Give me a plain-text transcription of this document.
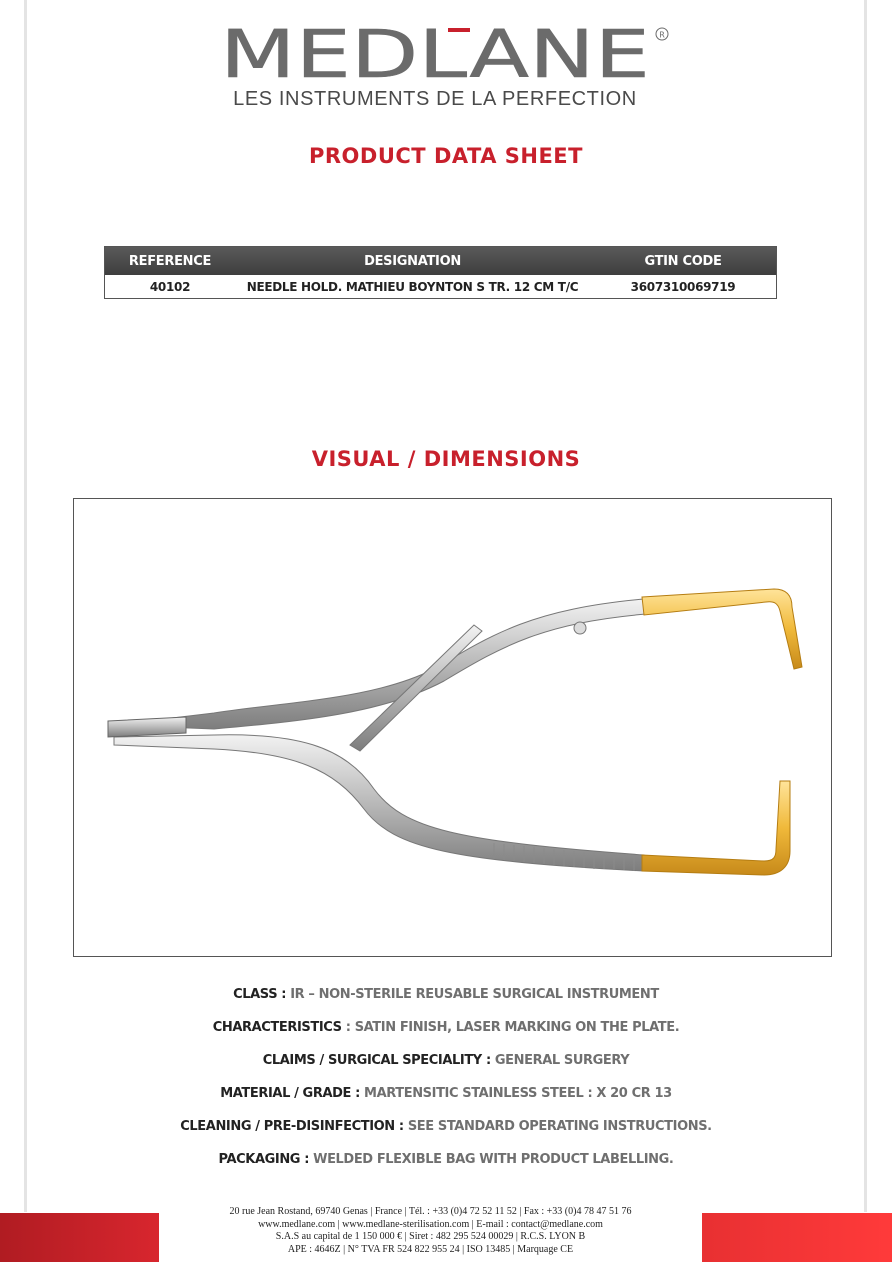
MEDLANE R
LES INSTRUMENTS DE LA PERFECTION
PRODUCT DATA SHEET
REFERENCE	DESIGNATION	GTIN CODE
40102	NEEDLE HOLD. MATHIEU BOYNTON S TR. 12 CM T/C	3607310069719
VISUAL / DIMENSIONS
CLASS : IR – NON-STERILE REUSABLE SURGICAL INSTRUMENT
CHARACTERISTICS : SATIN FINISH, LASER MARKING ON THE PLATE.
CLAIMS / SURGICAL SPECIALITY : GENERAL SURGERY
MATERIAL / GRADE : MARTENSITIC STAINLESS STEEL : X 20 CR 13
CLEANING / PRE-DISINFECTION : SEE STANDARD OPERATING INSTRUCTIONS.
PACKAGING : WELDED FLEXIBLE BAG WITH PRODUCT LABELLING.
20 rue Jean Rostand, 69740 Genas | France | Tél. : +33 (0)4 72 52 11 52 | Fax : +33 (0)4 78 47 51 76
www.medlane.com | www.medlane-sterilisation.com | E-mail : contact@medlane.com
S.A.S au capital de 1 150 000 € | Siret : 482 295 524 00029 | R.C.S. LYON B
APE : 4646Z | N° TVA FR 524 822 955 24 | ISO 13485 | Marquage CE
